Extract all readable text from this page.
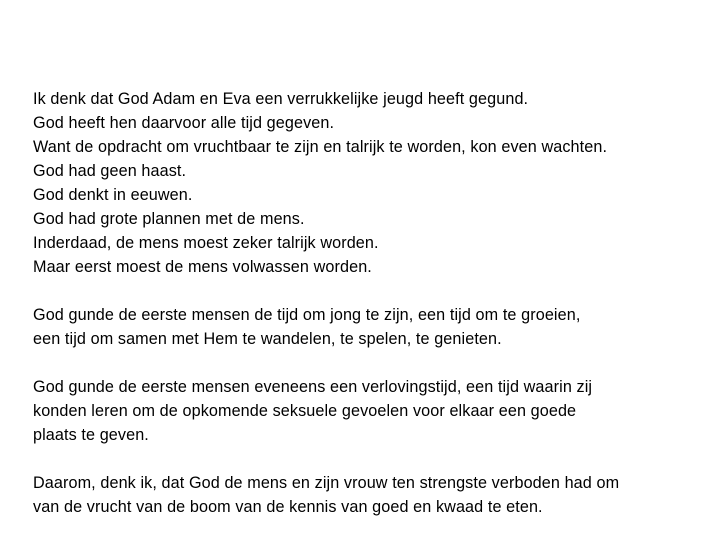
Ik denk dat God Adam en Eva een verrukkelijke jeugd heeft gegund.
God heeft hen daarvoor alle tijd gegeven.
Want de opdracht om vruchtbaar te zijn en talrijk te worden, kon even wachten.
God had geen haast.
God denkt in eeuwen.
God had grote plannen met de mens.
Inderdaad, de mens moest zeker talrijk worden.
Maar eerst moest de mens volwassen worden.
God gunde de eerste mensen de tijd om jong te zijn, een tijd om te groeien,
een tijd om samen met Hem te wandelen, te spelen, te genieten.
God gunde de eerste mensen eveneens een verlovingstijd, een tijd waarin zij
konden leren om de opkomende seksuele gevoelen voor elkaar een goede
plaats te geven.
Daarom, denk ik, dat God de mens en zijn vrouw ten strengste verboden had om
van de vrucht van de boom van de kennis van goed en kwaad te eten.
